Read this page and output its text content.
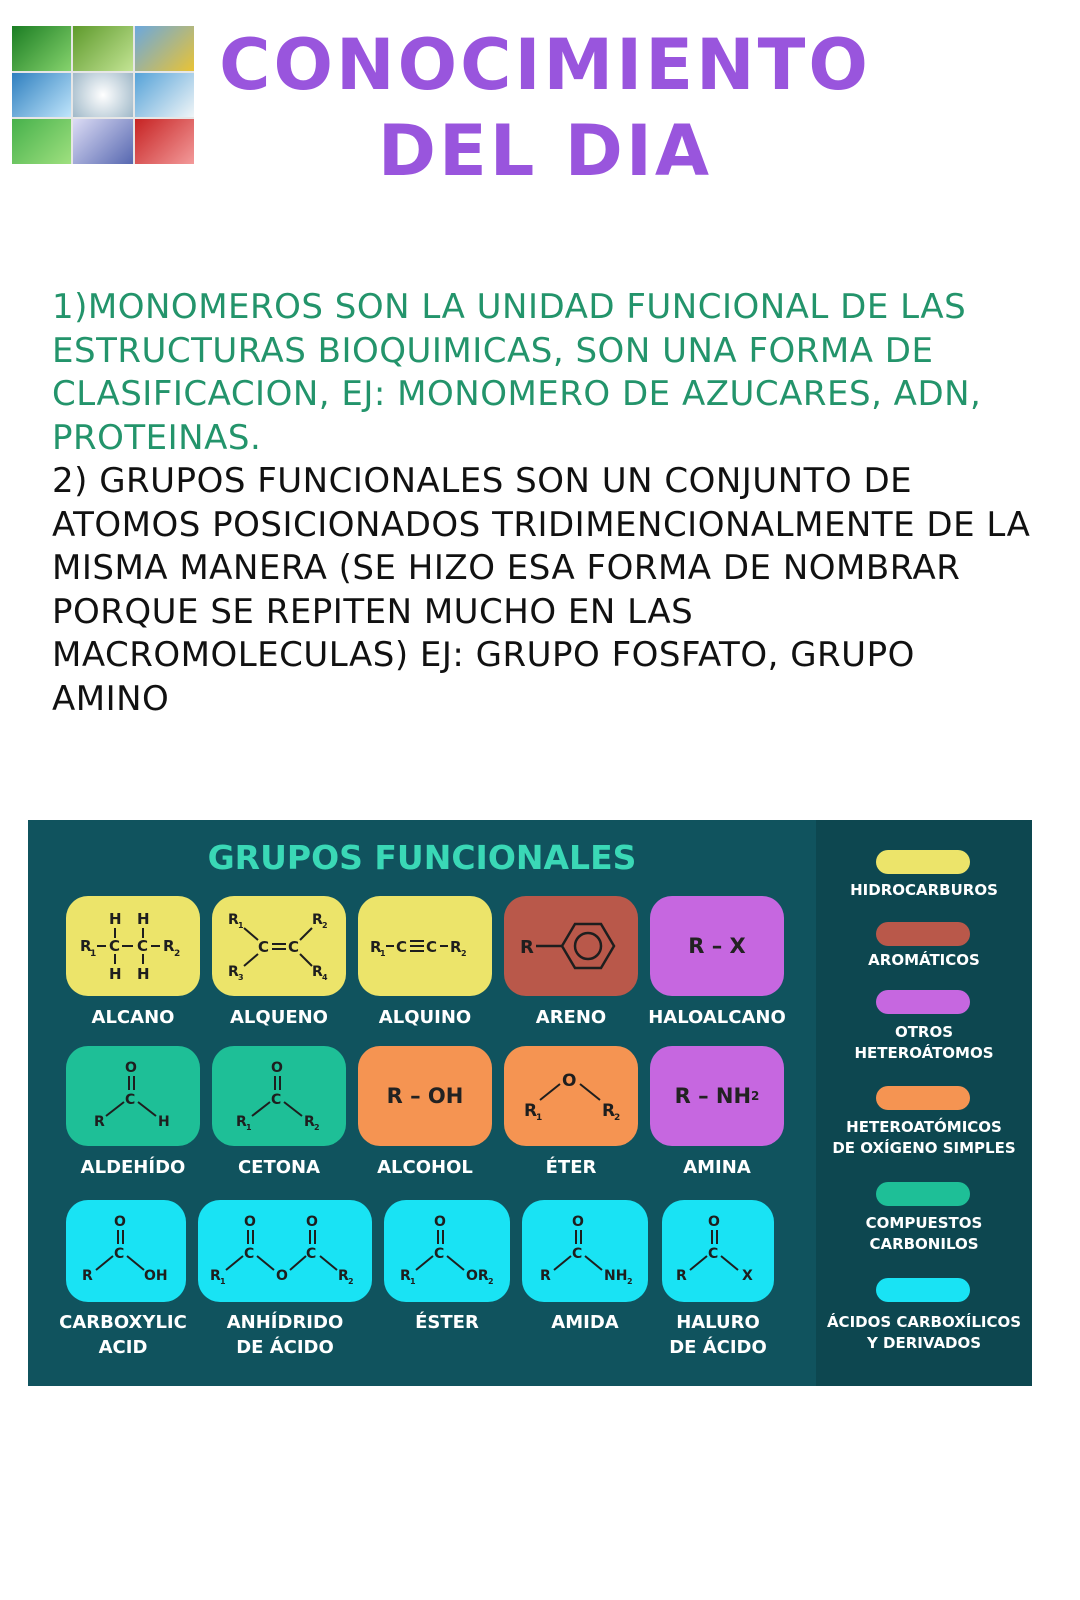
CONOCIMIENTO
DEL DIA

1)MONOMEROS SON LA UNIDAD FUNCIONAL DE LAS ESTRUCTURAS BIOQUIMICAS, SON UNA FORMA DE CLASIFICACION, EJ: MONOMERO DE AZUCARES, ADN, PROTEINAS.

2) GRUPOS FUNCIONALES SON UN CONJUNTO DE ATOMOS POSICIONADOS TRIDIMENCIONALMENTE DE LA MISMA MANERA (SE HIZO ESA FORMA DE NOMBRAR PORQUE SE REPITEN MUCHO EN LAS MACROMOLECULAS) EJ: GRUPO FOSFATO, GRUPO AMINO

GRUPOS FUNCIONALES
H H
R
1 C C R 2
H H
R 1	R 2
R 3	R 4
C C	R
1 C C R 2	R	R – X
ALCANO	ALQUENO	ALQUINO	ARENO	HALOALCANO
O
C
R	H
O
C
R 1	R 2
R – OH
O
R
1	R
2
R – NH 2
ALDEHÍDO	CETONA	ALCOHOL	ÉTER	AMINA
O
C
R	OH
O
C
R 1	O
C
O
R 2
O
C
R 1	OR 2
O
C
R	NH 2
O
C
R	X
CARBOXYLIC
ACID
ANHÍDRIDO
DE ÁCIDO
ÉSTER	AMIDA	HALURO
DE ÁCIDO
HIDROCARBUROS
AROMÁTICOS
OTROS
HETEROÁTOMOS
HETEROATÓMICOS
DE OXÍGENO SIMPLES
COMPUESTOS
CARBONILOS
ÁCIDOS CARBOXÍLICOS
Y DERIVADOS
